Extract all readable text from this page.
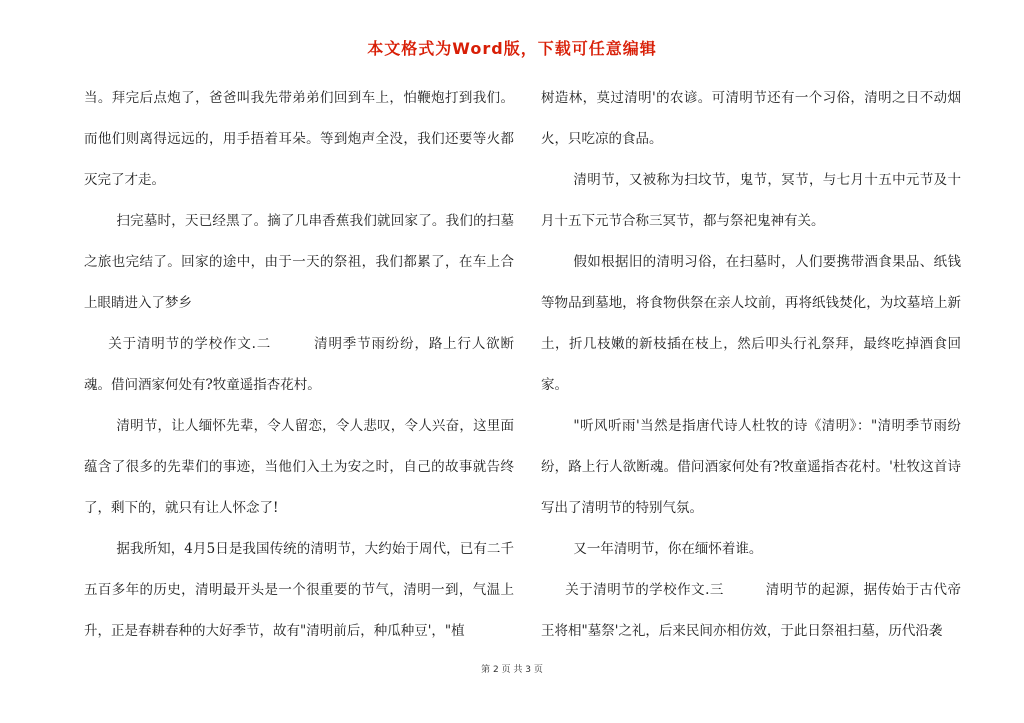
本文格式为Word版，下载可任意编辑

当。拜完后点炮了，爸爸叫我先带弟弟们回到车上，怕鞭炮打到我们。而他们则离得远远的，用手捂着耳朵。等到炮声全没，我们还要等火都灭完了才走。

扫完墓时，天已经黑了。摘了几串香蕉我们就回家了。我们的扫墓之旅也完结了。回家的途中，由于一天的祭祖，我们都累了，在车上合上眼睛进入了梦乡

关于清明节的学校作文.二　　　清明季节雨纷纷，路上行人欲断魂。借问酒家何处有?牧童遥指杏花村。

清明节，让人缅怀先辈，令人留恋，令人悲叹，令人兴奋，这里面蕴含了很多的先辈们的事迹，当他们入土为安之时，自己的故事就告终了，剩下的，就只有让人怀念了!

据我所知，4月5日是我国传统的清明节，大约始于周代，已有二千五百多年的历史，清明最开头是一个很重要的节气，清明一到，气温上升，正是春耕春种的大好季节，故有"清明前后，种瓜种豆'，"植

树造林，莫过清明'的农谚。可清明节还有一个习俗，清明之日不动烟火，只吃凉的食品。

清明节，又被称为扫坟节，鬼节，冥节，与七月十五中元节及十月十五下元节合称三冥节，都与祭祀鬼神有关。

假如根据旧的清明习俗，在扫墓时，人们要携带酒食果品、纸钱等物品到墓地，将食物供祭在亲人坟前，再将纸钱焚化，为坟墓培上新土，折几枝嫩的新枝插在枝上，然后叩头行礼祭拜，最终吃掉酒食回家。

"听风听雨'当然是指唐代诗人杜牧的诗《清明》："清明季节雨纷纷，路上行人欲断魂。借问酒家何处有?牧童遥指杏花村。'杜牧这首诗写出了清明节的特别气氛。

又一年清明节，你在缅怀着谁。

关于清明节的学校作文.三　　　清明节的起源，据传始于古代帝王将相"墓祭'之礼，后来民间亦相仿效，于此日祭祖扫墓，历代沿袭

第 2 页 共 3 页
